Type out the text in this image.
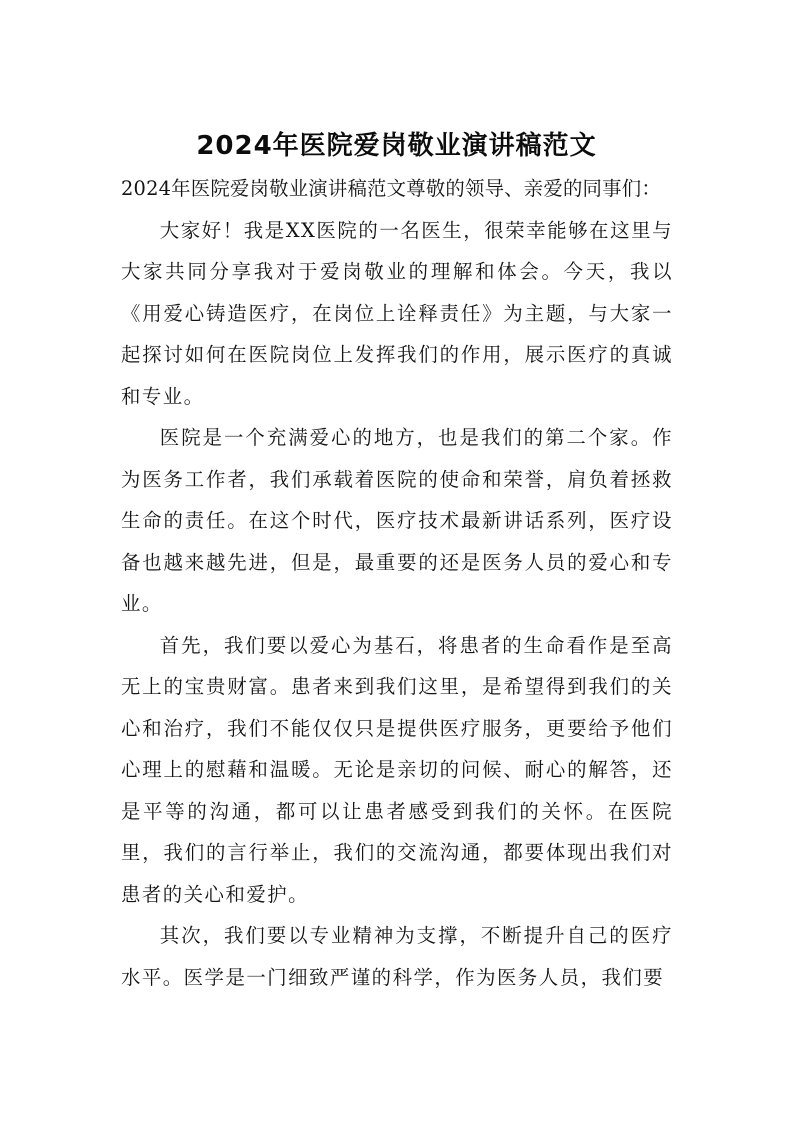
2024年医院爱岗敬业演讲稿范文

2024年医院爱岗敬业演讲稿范文尊敬的领导、亲爱的同事们：

大家好！我是XX医院的一名医生，很荣幸能够在这里与大家共同分享我对于爱岗敬业的理解和体会。今天，我以《用爱心铸造医疗，在岗位上诠释责任》为主题，与大家一起探讨如何在医院岗位上发挥我们的作用，展示医疗的真诚和专业。

医院是一个充满爱心的地方，也是我们的第二个家。作为医务工作者，我们承载着医院的使命和荣誉，肩负着拯救生命的责任。在这个时代，医疗技术最新讲话系列，医疗设备也越来越先进，但是，最重要的还是医务人员的爱心和专业。

首先，我们要以爱心为基石，将患者的生命看作是至高无上的宝贵财富。患者来到我们这里，是希望得到我们的关心和治疗，我们不能仅仅只是提供医疗服务，更要给予他们心理上的慰藉和温暖。无论是亲切的问候、耐心的解答，还是平等的沟通，都可以让患者感受到我们的关怀。在医院里，我们的言行举止，我们的交流沟通，都要体现出我们对患者的关心和爱护。

其次，我们要以专业精神为支撑，不断提升自己的医疗水平。医学是一门细致严谨的科学，作为医务人员，我们要
